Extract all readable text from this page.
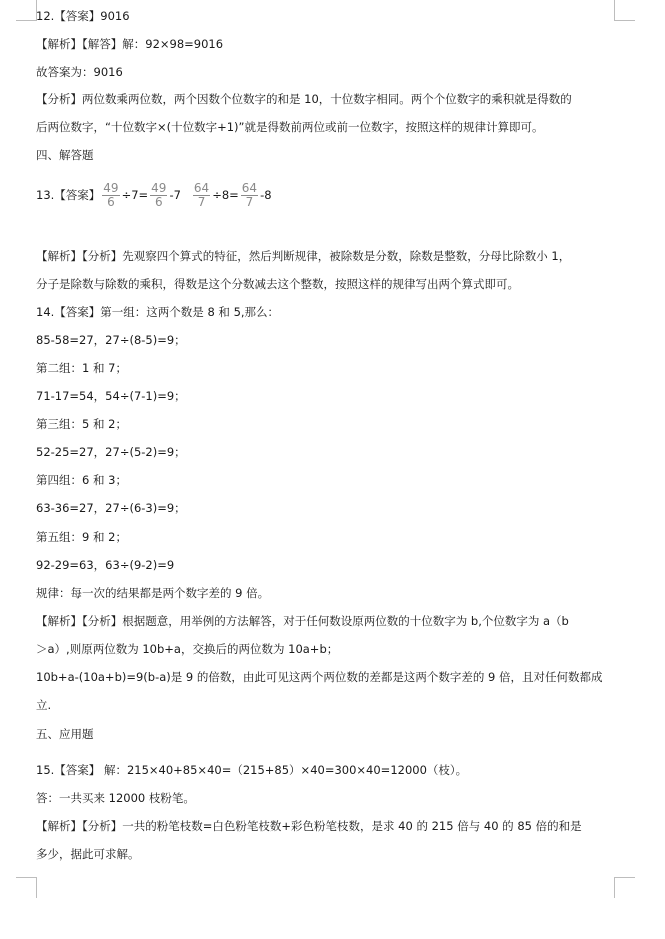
12.【答案】9016
【解析】【解答】解：92×98=9016
故答案为：9016
【分析】两位数乘两位数，两个因数个位数字的和是 10，十位数字相同。两个个位数字的乘积就是得数的
后两位数字，“十位数字×(十位数字+1)”就是得数前两位或前一位数字，按照这样的规律计算即可。
四、解答题
13.【答案】 $\frac{49}{6} \div 7= \frac{49}{6} -7 \frac{64}{7} \div 8= \frac{64}{7} -8$
【解析】【分析】先观察四个算式的特征，然后判断规律，被除数是分数，除数是整数，分母比除数小 1，
分子是除数与除数的乘积，得数是这个分数减去这个整数，按照这样的规律写出两个算式即可。
14.【答案】第一组：这两个数是 8 和 5,那么：
85-58=27，27÷(8-5)=9；
第二组：1 和 7；
71-17=54，54÷(7-1)=9；
第三组：5 和 2；
52-25=27，27÷(5-2)=9；
第四组：6 和 3；
63-36=27，27÷(6-3)=9；
第五组：9 和 2；
92-29=63，63÷(9-2)=9
规律：每一次的结果都是两个数字差的 9 倍。
【解析】【分析】根据题意，用举例的方法解答，对于任何数设原两位数的十位数字为 b,个位数字为 a（b
＞a）,则原两位数为 10b+a，交换后的两位数为 10a+b；
10b+a-(10a+b)=9(b-a)是 9 的倍数，由此可见这两个两位数的差都是这两个数字差的 9 倍，且对任何数都成
立.
五、应用题
15.【答案】 解：215×40+85×40=（215+85）×40=300×40=12000（枝）。
答：一共买来 12000 枝粉笔。
【解析】【分析】一共的粉笔枝数=白色粉笔枝数+彩色粉笔枝数，是求 40 的 215 倍与 40 的 85 倍的和是
多少，据此可求解。
